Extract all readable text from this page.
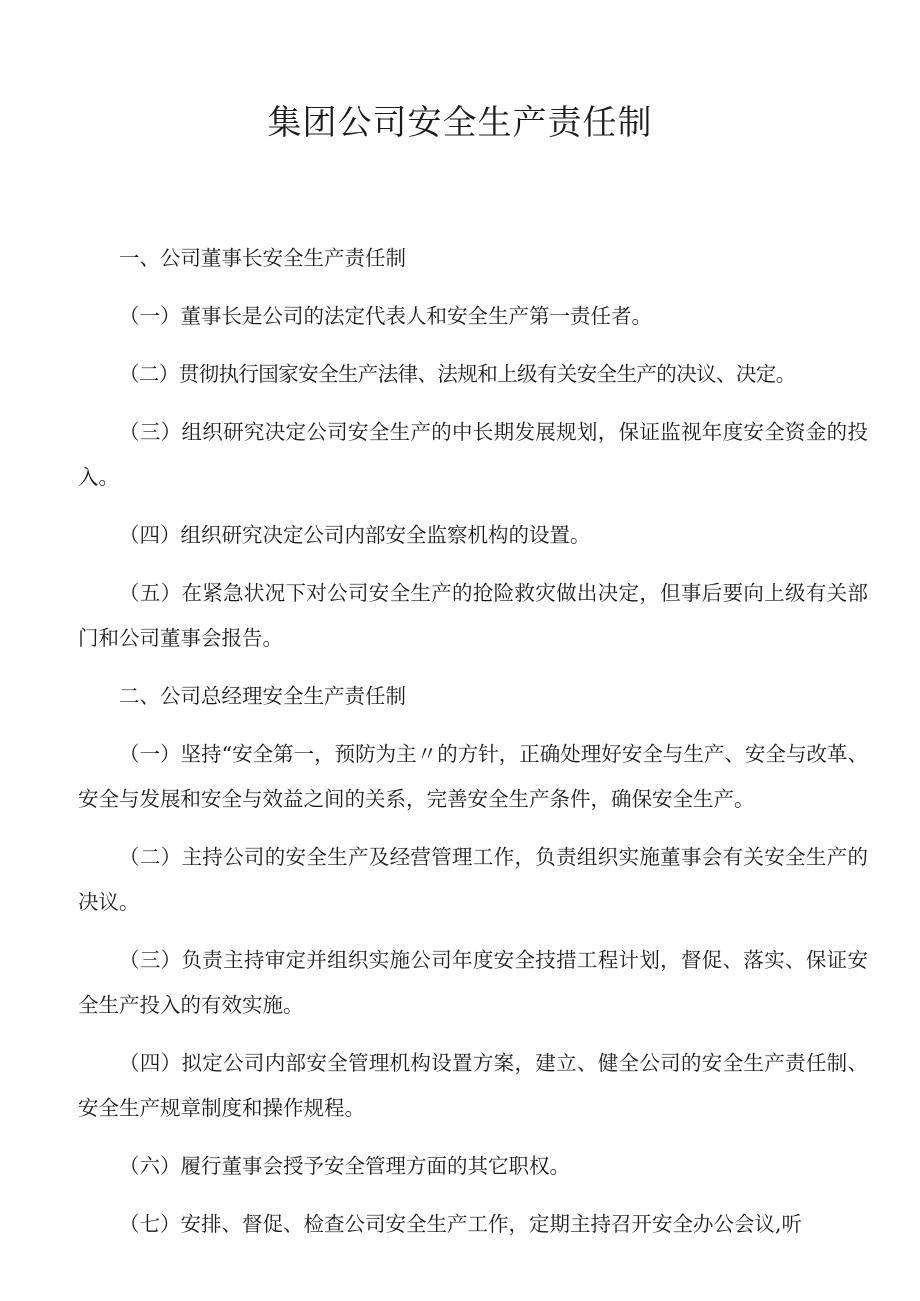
集团公司安全生产责任制

一、公司董事长安全生产责任制

（一）董事长是公司的法定代表人和安全生产第一责任者。

（二）贯彻执行国家安全生产法律、法规和上级有关安全生产的决议、决定。

（三）组织研究决定公司安全生产的中长期发展规划，保证监视年度安全资金的投入。

（四）组织研究决定公司内部安全监察机构的设置。

（五）在紧急状况下对公司安全生产的抢险救灾做出决定，但事后要向上级有关部门和公司董事会报告。

二、公司总经理安全生产责任制

（一）坚持“安全第一，预防为主〃的方针，正确处理好安全与生产、安全与改革、安全与发展和安全与效益之间的关系，完善安全生产条件，确保安全生产。

（二）主持公司的安全生产及经营管理工作，负责组织实施董事会有关安全生产的决议。

（三）负责主持审定并组织实施公司年度安全技措工程计划，督促、落实、保证安全生产投入的有效实施。

（四）拟定公司内部安全管理机构设置方案，建立、健全公司的安全生产责任制、安全生产规章制度和操作规程。

（六）履行董事会授予安全管理方面的其它职权。

（七）安排、督促、检查公司安全生产工作，定期主持召开安全办公会议,听
